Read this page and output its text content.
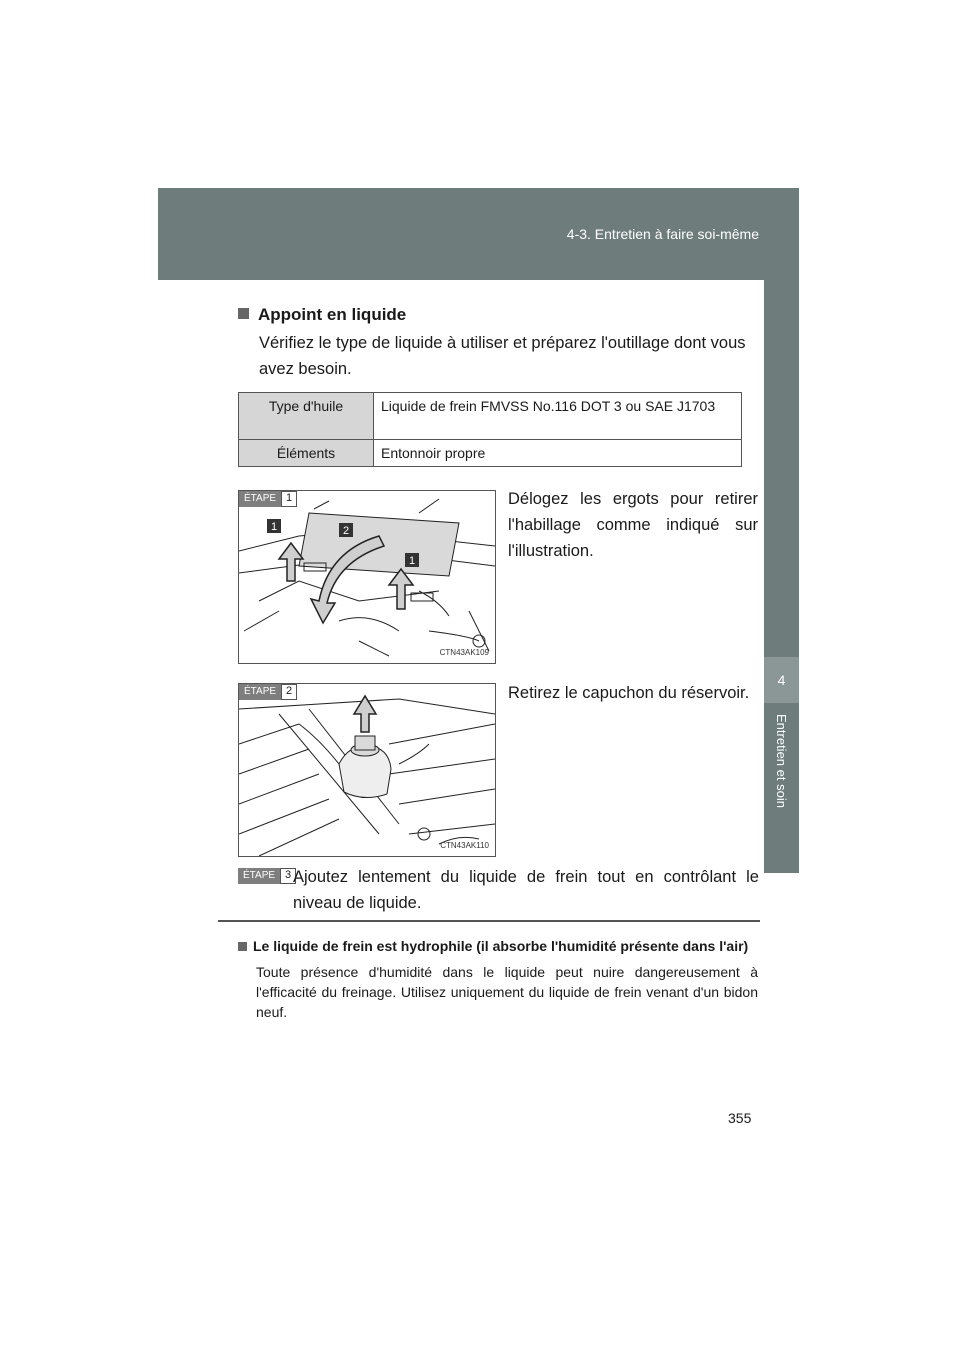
4-3. Entretien à faire soi-même
4
Entretien et soin
Appoint en liquide
Vérifiez le type de liquide à utiliser et préparez l'outillage dont vous avez besoin.
Type d'huile	Liquide de frein FMVSS No.116 DOT 3 ou SAE J1703
Éléments	Entonnoir propre
1	2
1
ÉTAPE 1
CTN43AK109
Délogez les ergots pour retirer l'habillage comme indiqué sur l'illustration.
ÉTAPE 2
CTN43AK110
Retirez le capuchon du réservoir.
ÉTAPE 3 Ajoutez lentement du liquide de frein tout en contrôlant le niveau de liquide.
Le liquide de frein est hydrophile (il absorbe l'humidité présente dans l'air)
Toute présence d'humidité dans le liquide peut nuire dangereusement à l'efficacité du freinage. Utilisez uniquement du liquide de frein venant d'un bidon neuf.
355
